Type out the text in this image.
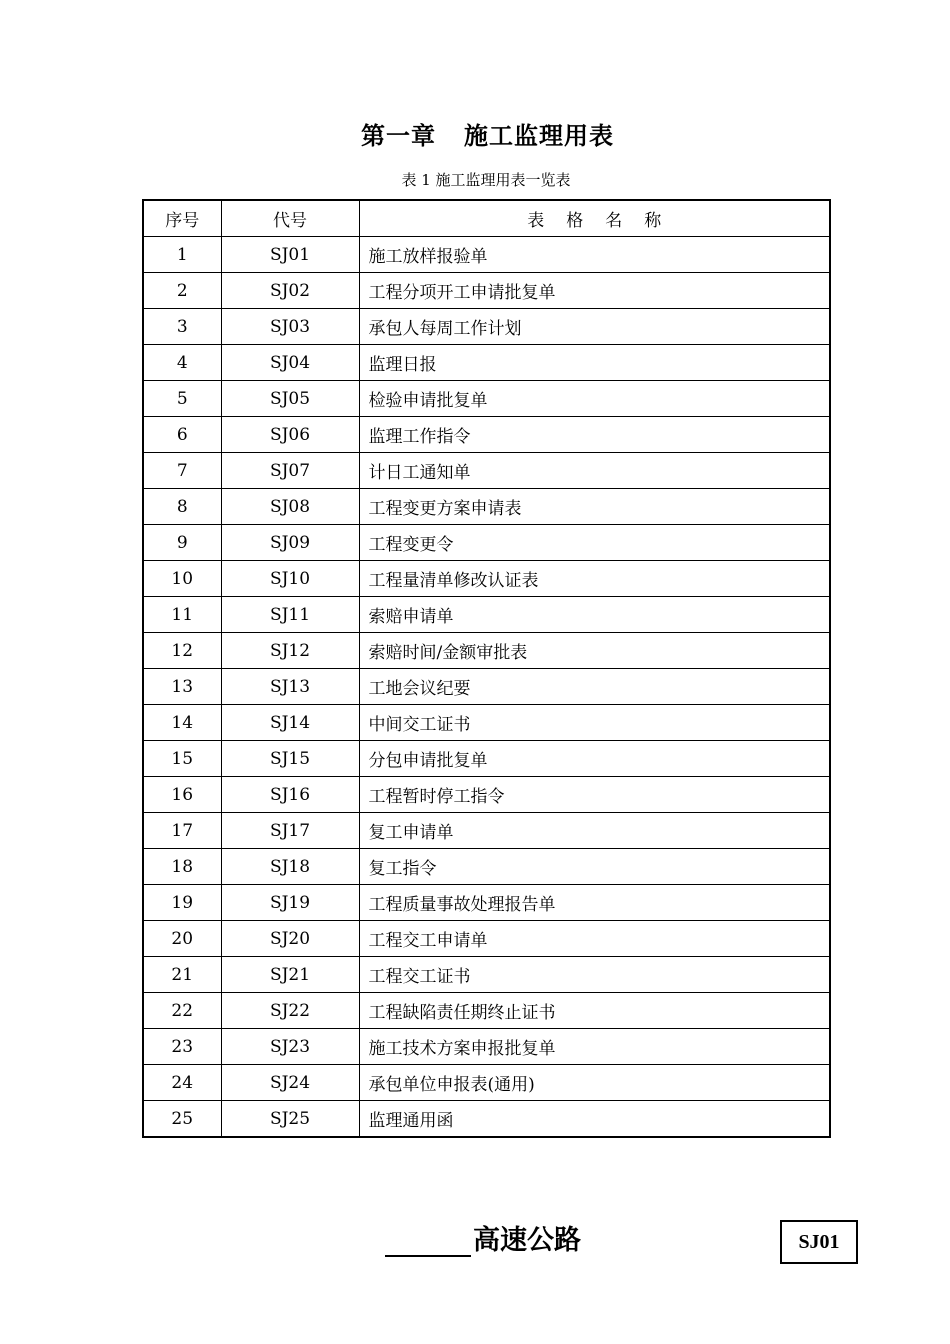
第一章 施工监理用表
表 1 施工监理用表一览表
序号	代号	表格名称
1	SJ01	施工放样报验单
2	SJ02	工程分项开工申请批复单
3	SJ03	承包人每周工作计划
4	SJ04	监理日报
5	SJ05	检验申请批复单
6	SJ06	监理工作指令
7	SJ07	计日工通知单
8	SJ08	工程变更方案申请表
9	SJ09	工程变更令
10	SJ10	工程量清单修改认证表
11	SJ11	索赔申请单
12	SJ12	索赔时间/金额审批表
13	SJ13	工地会议纪要
14	SJ14	中间交工证书
15	SJ15	分包申请批复单
16	SJ16	工程暂时停工指令
17	SJ17	复工申请单
18	SJ18	复工指令
19	SJ19	工程质量事故处理报告单
20	SJ20	工程交工申请单
21	SJ21	工程交工证书
22	SJ22	工程缺陷责任期终止证书
23	SJ23	施工技术方案申报批复单
24	SJ24	承包单位申报表(通用)
25	SJ25	监理通用函
高速公路	SJ01
